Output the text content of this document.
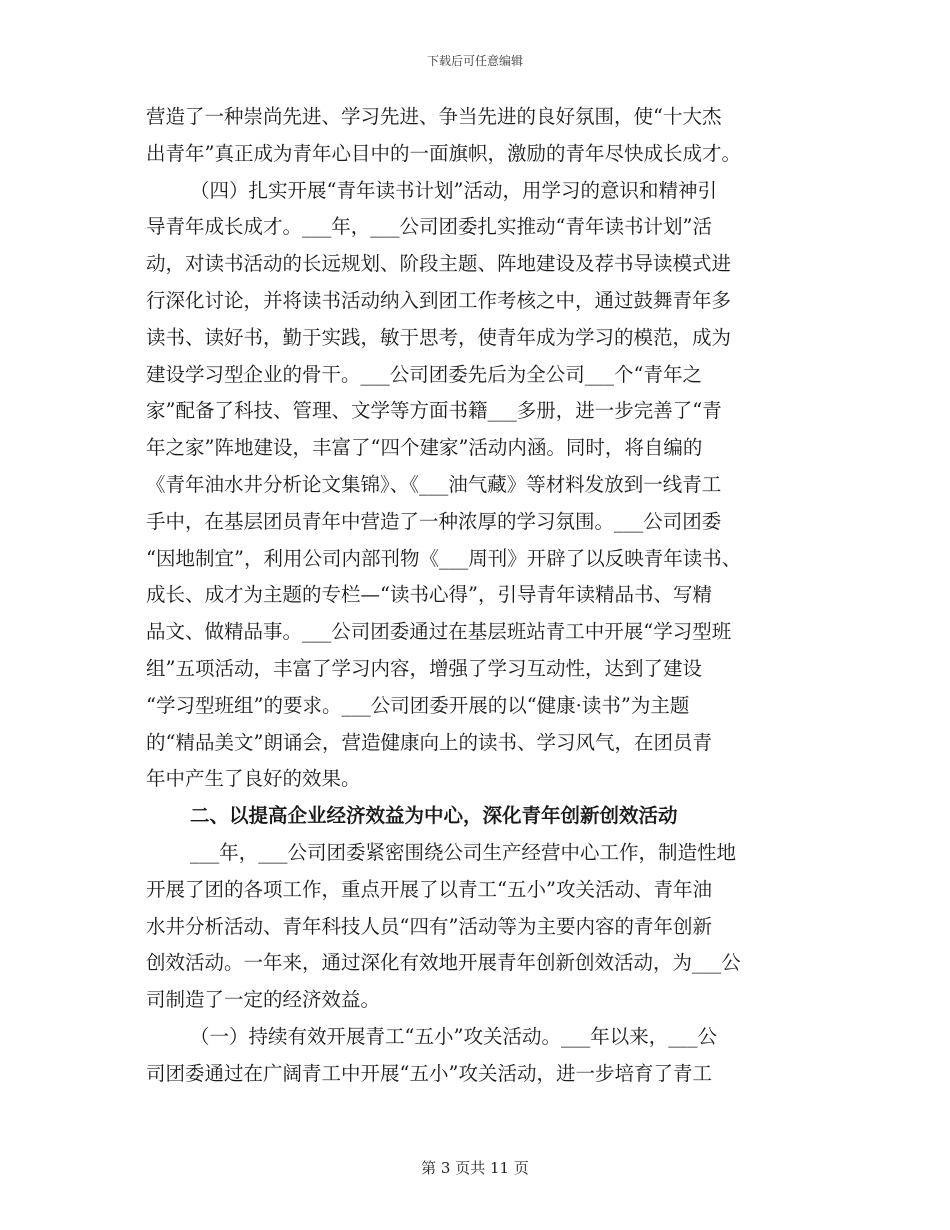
下载后可任意编辑
营造了一种崇尚先进、学习先进、争当先进的良好氛围，使“十大杰
出青年”真正成为青年心目中的一面旗帜，激励的青年尽快成长成才。
（四）扎实开展“青年读书计划”活动，用学习的意识和精神引
导青年成长成才。___年，___公司团委扎实推动“青年读书计划”活
动，对读书活动的长远规划、阶段主题、阵地建设及荐书导读模式进
行深化讨论，并将读书活动纳入到团工作考核之中，通过鼓舞青年多
读书、读好书，勤于实践，敏于思考，使青年成为学习的模范，成为
建设学习型企业的骨干。___公司团委先后为全公司___个“青年之
家”配备了科技、管理、文学等方面书籍___多册，进一步完善了“青
年之家”阵地建设，丰富了“四个建家”活动内涵。同时，将自编的
《青年油水井分析论文集锦》、《___油气藏》等材料发放到一线青工
手中，在基层团员青年中营造了一种浓厚的学习氛围。___公司团委
“因地制宜”，利用公司内部刊物《___周刊》开辟了以反映青年读书、
成长、成才为主题的专栏—“读书心得”，引导青年读精品书、写精
品文、做精品事。___公司团委通过在基层班站青工中开展“学习型班
组”五项活动，丰富了学习内容，增强了学习互动性，达到了建设
“学习型班组”的要求。___公司团委开展的以“健康·读书”为主题
的“精品美文”朗诵会，营造健康向上的读书、学习风气，在团员青
年中产生了良好的效果。
二、以提高企业经济效益为中心，深化青年创新创效活动
___年，___公司团委紧密围绕公司生产经营中心工作，制造性地
开展了团的各项工作，重点开展了以青工“五小”攻关活动、青年油
水井分析活动、青年科技人员“四有”活动等为主要内容的青年创新
创效活动。一年来，通过深化有效地开展青年创新创效活动，为___公
司制造了一定的经济效益。
（一）持续有效开展青工“五小”攻关活动。___年以来，___公
司团委通过在广阔青工中开展“五小”攻关活动，进一步培育了青工
第 3 页共 11 页
